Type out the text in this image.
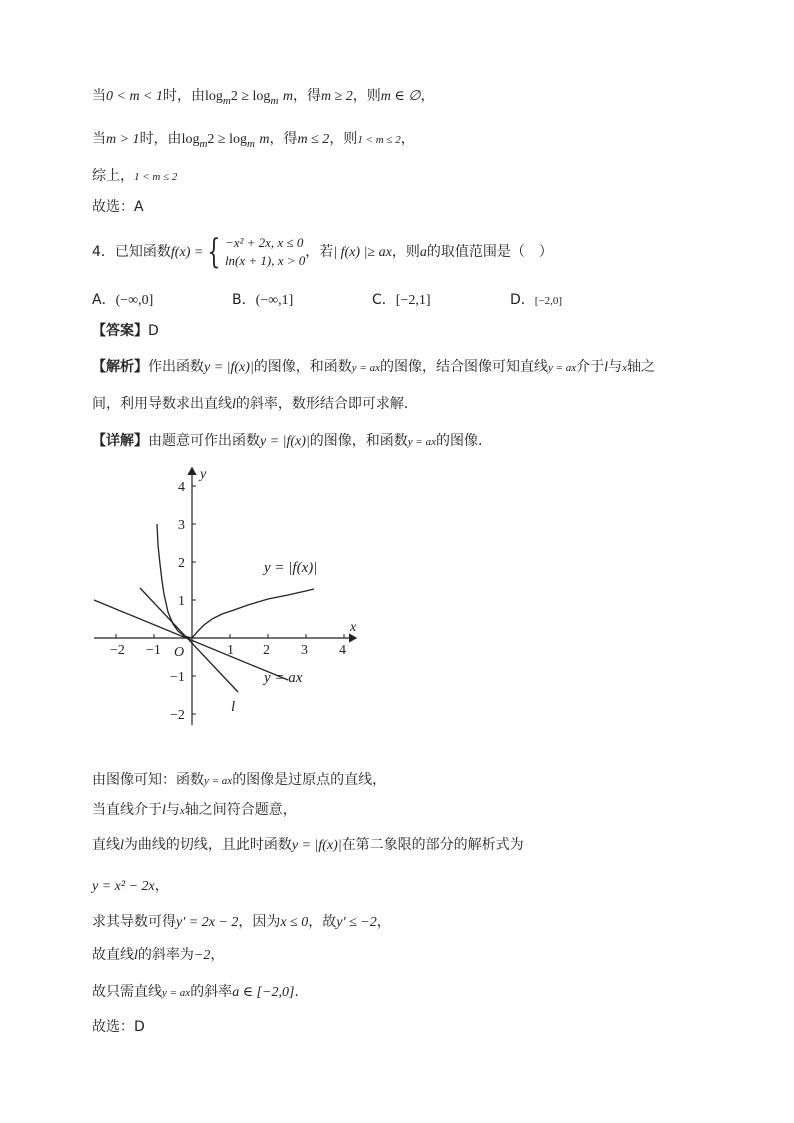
当0 < m < 1时，由$\log_m2 \ge \log_m m$，得m ≥ 2，则m ∈ ∅，
当m > 1时，由$\log_m2 \ge \log_m m$，得m ≤ 2，则1 < m ≤ 2，
综上，1 < m ≤ 2
故选：A
4．已知函数f(x) = { −x² + 2x, x ≤ 0
ln(x + 1), x > 0
，若| f(x) |≥ ax，则a的取值范围是（　）
A．(−∞,0]	B．(−∞,1]	C．[−2,1]	D．[−2,0]
【答案】D
【解析】作出函数y = |f(x)|的图像，和函数y = ax的图像，结合图像可知直线y = ax介于l与x轴之
间，利用导数求出直线l的斜率，数形结合即可求解.
【详解】由题意可作出函数y = |f(x)|的图像，和函数y = ax的图像.
−2 −1	1 2 3 4
4
3
2
1
−1
−2
O
x
y
y = |f(x)|
y = ax
l
由图像可知：函数y = ax的图像是过原点的直线，
当直线介于l与x轴之间符合题意，
直线l为曲线的切线，且此时函数y = |f(x)|在第二象限的部分的解析式为
y = x² − 2x，
求其导数可得y′ = 2x − 2，因为x ≤ 0，故y′ ≤ −2，
故直线l的斜率为−2，
故只需直线y = ax的斜率a ∈ [−2,0].
故选：D
